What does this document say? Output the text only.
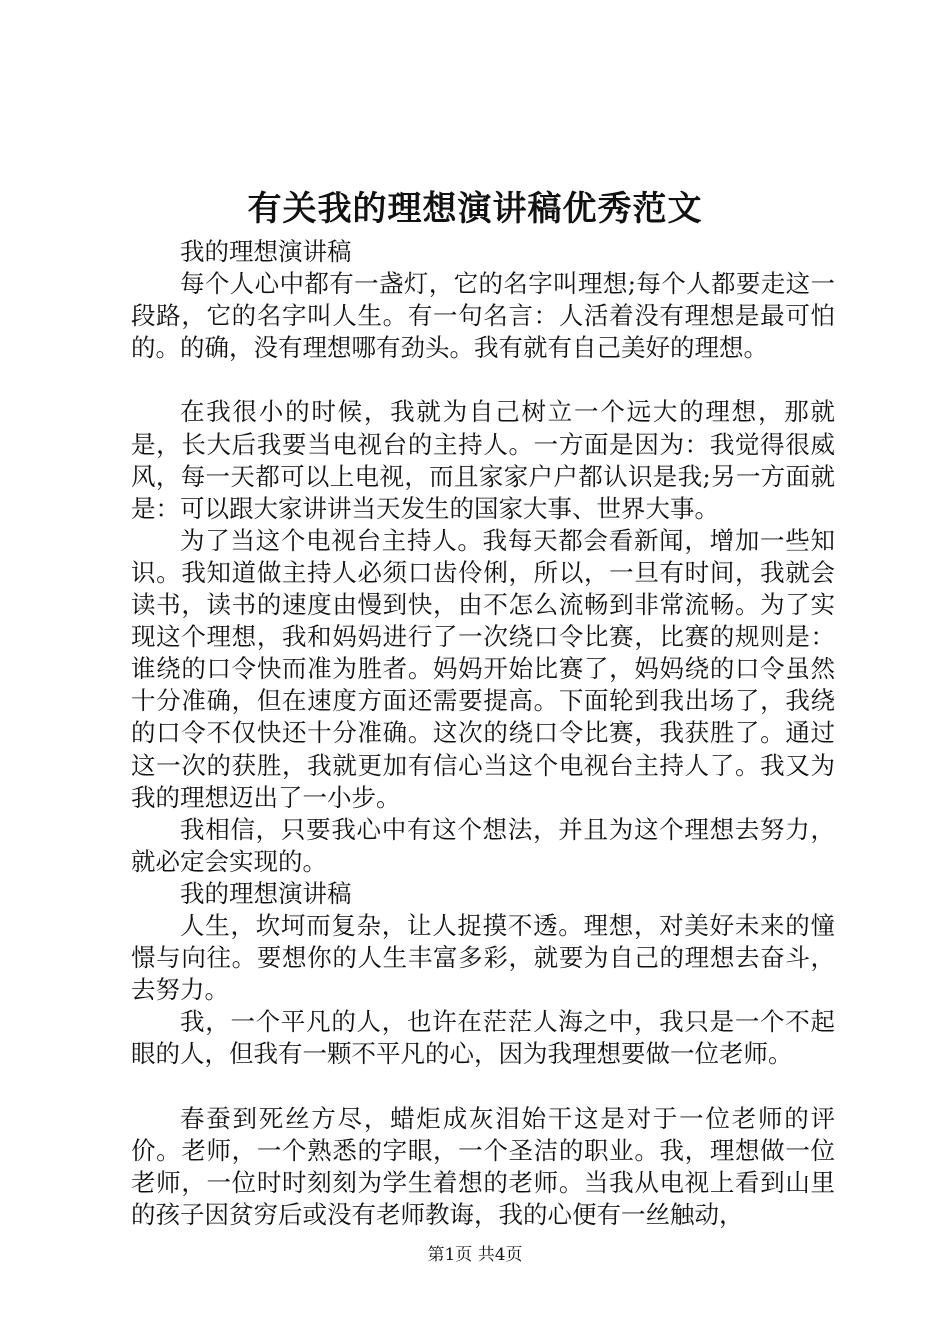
有关我的理想演讲稿优秀范文

我的理想演讲稿

每个人心中都有一盏灯，它的名字叫理想;每个人都要走这一段路，它的名字叫人生。有一句名言：人活着没有理想是最可怕的。的确，没有理想哪有劲头。我有就有自己美好的理想。

在我很小的时候，我就为自己树立一个远大的理想，那就是，长大后我要当电视台的主持人。一方面是因为：我觉得很威风，每一天都可以上电视，而且家家户户都认识是我;另一方面就是：可以跟大家讲讲当天发生的国家大事、世界大事。

为了当这个电视台主持人。我每天都会看新闻，增加一些知识。我知道做主持人必须口齿伶俐，所以，一旦有时间，我就会读书，读书的速度由慢到快，由不怎么流畅到非常流畅。为了实现这个理想，我和妈妈进行了一次绕口令比赛，比赛的规则是：谁绕的口令快而准为胜者。妈妈开始比赛了，妈妈绕的口令虽然十分准确，但在速度方面还需要提高。下面轮到我出场了，我绕的口令不仅快还十分准确。这次的绕口令比赛，我获胜了。通过这一次的获胜，我就更加有信心当这个电视台主持人了。我又为我的理想迈出了一小步。

我相信，只要我心中有这个想法，并且为这个理想去努力，就必定会实现的。

我的理想演讲稿

人生，坎坷而复杂，让人捉摸不透。理想，对美好未来的憧憬与向往。要想你的人生丰富多彩，就要为自己的理想去奋斗，去努力。

我，一个平凡的人，也许在茫茫人海之中，我只是一个不起眼的人，但我有一颗不平凡的心，因为我理想要做一位老师。

春蚕到死丝方尽，蜡炬成灰泪始干这是对于一位老师的评价。老师，一个熟悉的字眼，一个圣洁的职业。我，理想做一位老师，一位时时刻刻为学生着想的老师。当我从电视上看到山里的孩子因贫穷后或没有老师教诲，我的心便有一丝触动，

第1页 共4页
